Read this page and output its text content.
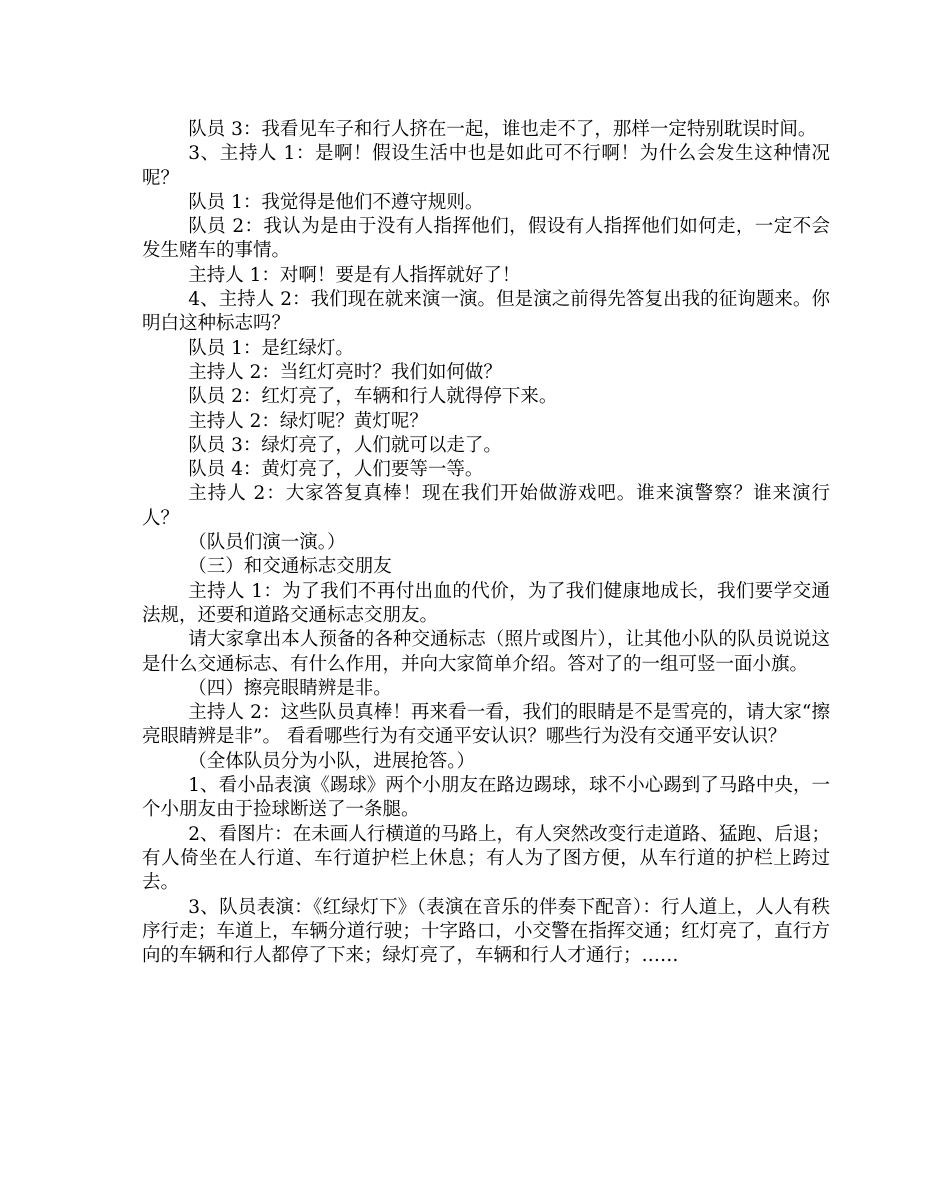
队员 3：我看见车子和行人挤在一起，谁也走不了，那样一定特别耽误时间。

3、主持人 1：是啊！假设生活中也是如此可不行啊！为什么会发生这种情况呢？

队员 1：我觉得是他们不遵守规则。

队员 2：我认为是由于没有人指挥他们，假设有人指挥他们如何走，一定不会发生赌车的事情。

主持人 1：对啊！要是有人指挥就好了！

4、主持人 2：我们现在就来演一演。但是演之前得先答复出我的征询题来。你明白这种标志吗？

队员 1：是红绿灯。

主持人 2：当红灯亮时？我们如何做？

队员 2：红灯亮了，车辆和行人就得停下来。

主持人 2：绿灯呢？黄灯呢？

队员 3：绿灯亮了，人们就可以走了。

队员 4：黄灯亮了，人们要等一等。

主持人 2：大家答复真棒！现在我们开始做游戏吧。谁来演警察？谁来演行人？

（队员们演一演。）

（三）和交通标志交朋友

主持人 1：为了我们不再付出血的代价，为了我们健康地成长，我们要学交通法规，还要和道路交通标志交朋友。

请大家拿出本人预备的各种交通标志（照片或图片），让其他小队的队员说说这是什么交通标志、有什么作用，并向大家简单介绍。答对了的一组可竖一面小旗。

（四）擦亮眼睛辨是非。

主持人 2：这些队员真棒！再来看一看，我们的眼睛是不是雪亮的，请大家“擦亮眼睛辨是非”。 看看哪些行为有交通平安认识？哪些行为没有交通平安认识？

（全体队员分为小队，进展抢答。）

1、看小品表演《踢球》两个小朋友在路边踢球，球不小心踢到了马路中央，一个小朋友由于捡球断送了一条腿。

2、看图片：在未画人行横道的马路上，有人突然改变行走道路、猛跑、后退；有人倚坐在人行道、车行道护栏上休息；有人为了图方便，从车行道的护栏上跨过去。

3、队员表演：《红绿灯下》（表演在音乐的伴奏下配音）：行人道上，人人有秩序行走；车道上，车辆分道行驶；十字路口，小交警在指挥交通；红灯亮了，直行方向的车辆和行人都停了下来；绿灯亮了，车辆和行人才通行；……
